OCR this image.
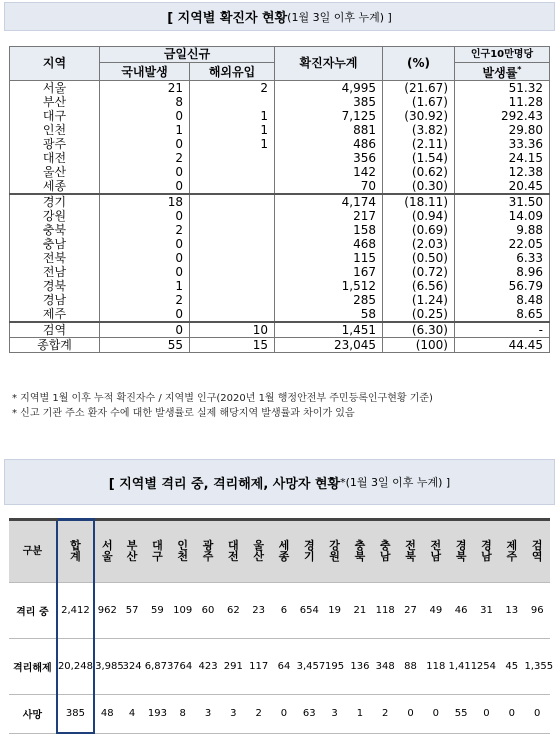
[ 지역별 확진자 현황 (1월 3일 이후 누계) ]
지역	금일신규		확진자누계	(%)	인구10만명당
	국내발생	해외유입			발생률*
서울	21	2	4,995	(21.67)	51.32
부산	8		385	(1.67)	11.28
대구	0	1	7,125	(30.92)	292.43
인천	1	1	881	(3.82)	29.80
광주	0	1	486	(2.11)	33.36
대전	2		356	(1.54)	24.15
울산	0		142	(0.62)	12.38
세종	0		70	(0.30)	20.45
경기	18		4,174	(18.11)	31.50
강원	0		217	(0.94)	14.09
충북	2		158	(0.69)	9.88
충남	0		468	(2.03)	22.05
전북	0		115	(0.50)	6.33
전남	0		167	(0.72)	8.96
경북	1		1,512	(6.56)	56.79
경남	2		285	(1.24)	8.48
제주	0		58	(0.25)	8.65
검역	0	10	1,451	(6.30)	-
종합계	55	15	23,045	(100)	44.45
* 지역별 1월 이후 누적 확진자수 / 지역별 인구(2020년 1월 행정안전부 주민등록인구현황 기준)
* 신고 기관 주소 환자 수에 대한 발생률로 실제 해당지역 발생률과 차이가 있음
[ 지역별 격리 중, 격리해제, 사망자 현황 *(1월 3일 이후 누계) ]
구분	합계	서울	부산	대구	인천	광주	대전	울산	세종	경기	강원	충북	충남	전북	전남	경북	경남	제주	검역
격리 중	2,412	962	57	59	109	60	62	23	6	654	19	21	118	27	49	46	31	13	96
격리해제	20,248	3,985	324	6,873	764	423	291	117	64	3,457	195	136	348	88	118	1,411	254	45	1,355
사망	385	48	4	193	8	3	3	2	0	63	3	1	2	0	0	55	0	0	0
